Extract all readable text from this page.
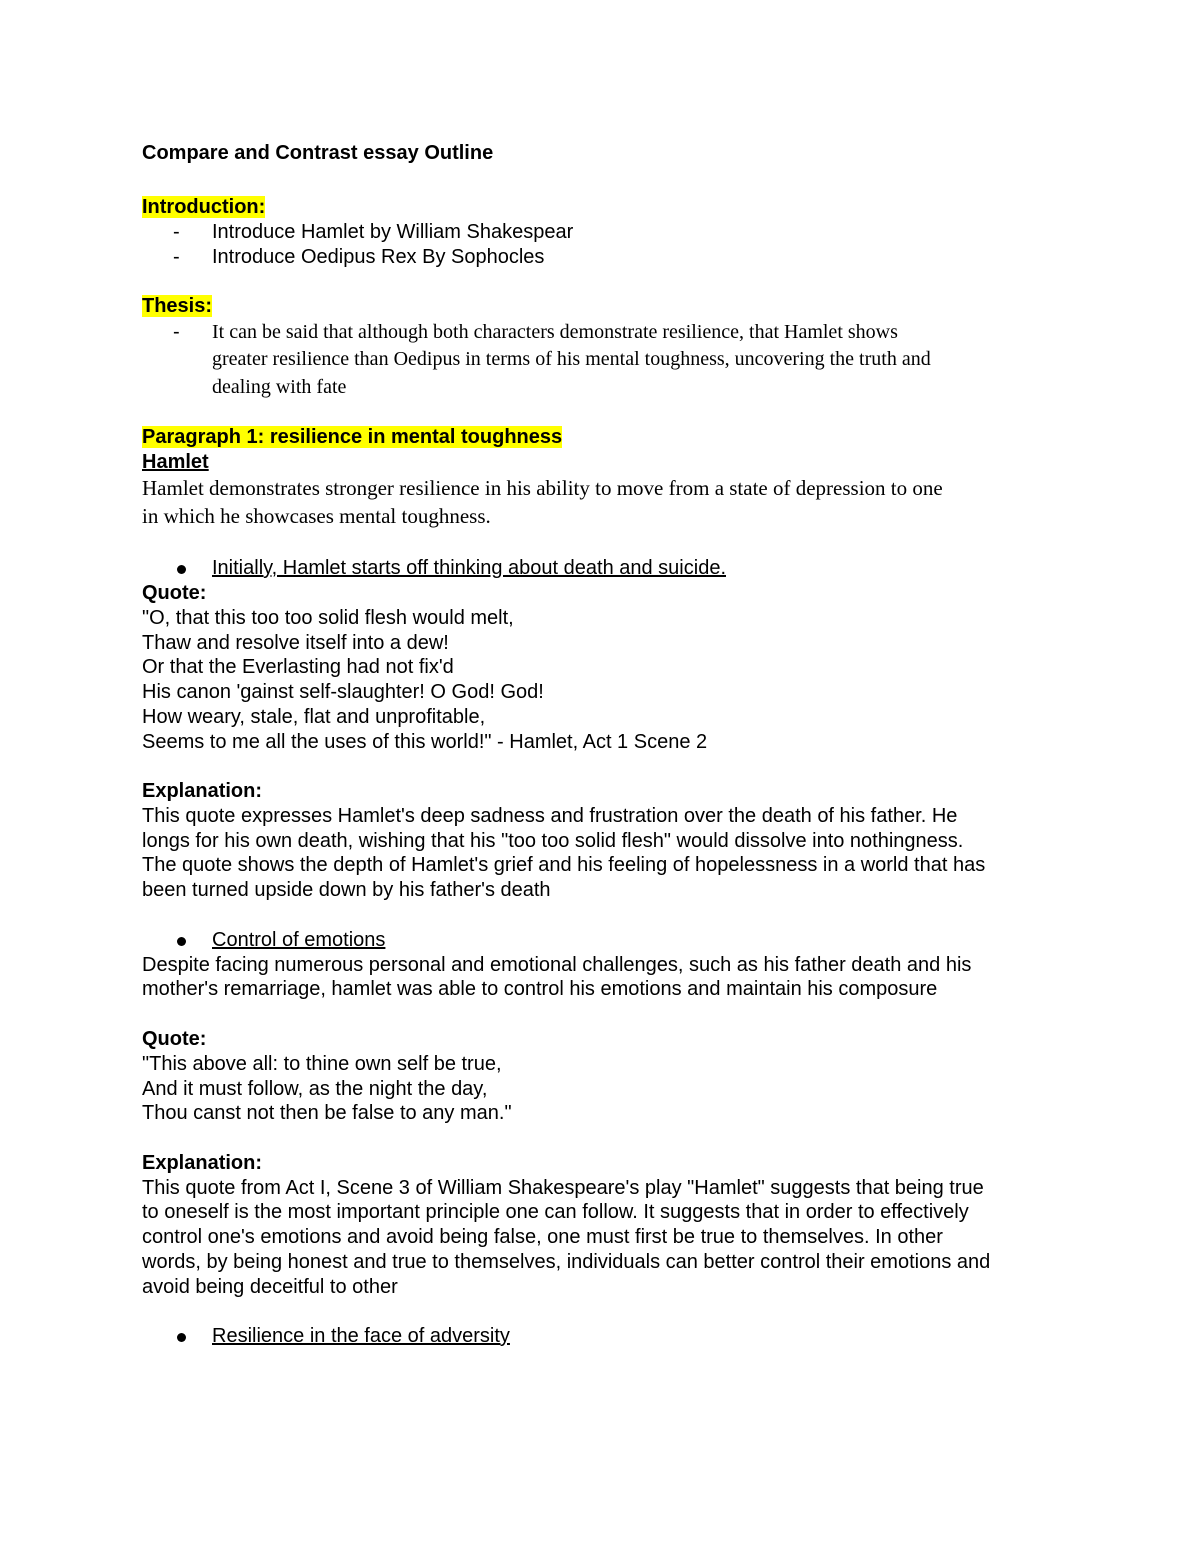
Compare and Contrast essay Outline
Introduction:
- Introduce Hamlet by William Shakespear
- Introduce Oedipus Rex By Sophocles
Thesis:
- It can be said that although both characters demonstrate resilience, that Hamlet shows
greater resilience than Oedipus in terms of his mental toughness, uncovering the truth and
dealing with fate
Paragraph 1: resilience in mental toughness
Hamlet
Hamlet demonstrates stronger resilience in his ability to move from a state of depression to one
in which he showcases mental toughness.
Initially, Hamlet starts off thinking about death and suicide.
Quote:
"O, that this too too solid flesh would melt,
Thaw and resolve itself into a dew!
Or that the Everlasting had not fix'd
His canon 'gainst self-slaughter! O God! God!
How weary, stale, flat and unprofitable,
Seems to me all the uses of this world!" - Hamlet, Act 1 Scene 2
Explanation:
This quote expresses Hamlet's deep sadness and frustration over the death of his father. He
longs for his own death, wishing that his "too too solid flesh" would dissolve into nothingness.
The quote shows the depth of Hamlet's grief and his feeling of hopelessness in a world that has
been turned upside down by his father's death
Control of emotions
Despite facing numerous personal and emotional challenges, such as his father death and his
mother's remarriage, hamlet was able to control his emotions and maintain his composure
Quote:
"This above all: to thine own self be true,
And it must follow, as the night the day,
Thou canst not then be false to any man."
Explanation:
This quote from Act I, Scene 3 of William Shakespeare's play "Hamlet" suggests that being true
to oneself is the most important principle one can follow. It suggests that in order to effectively
control one's emotions and avoid being false, one must first be true to themselves. In other
words, by being honest and true to themselves, individuals can better control their emotions and
avoid being deceitful to other
Resilience in the face of adversity
